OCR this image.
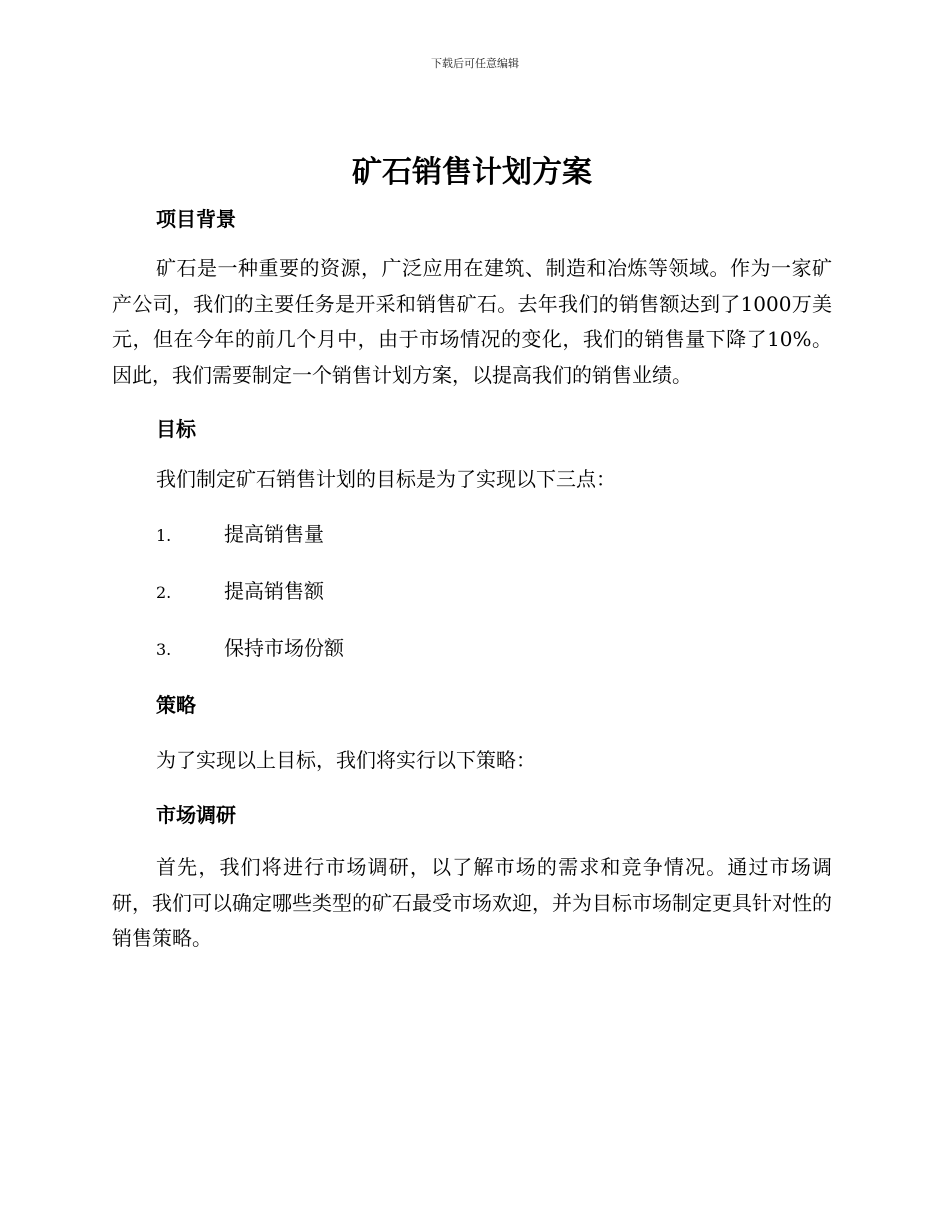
下载后可任意编辑
矿石销售计划方案
项目背景

矿石是一种重要的资源，广泛应用在建筑、制造和冶炼等领域。作为一家矿产公司，我们的主要任务是开采和销售矿石。去年我们的销售额达到了1000万美元，但在今年的前几个月中，由于市场情况的变化，我们的销售量下降了10%。因此，我们需要制定一个销售计划方案，以提高我们的销售业绩。

目标

我们制定矿石销售计划的目标是为了实现以下三点：

1.	提高销售量
2.	提高销售额
3.	保持市场份额
策略

为了实现以上目标，我们将实行以下策略：

市场调研

首先，我们将进行市场调研，以了解市场的需求和竞争情况。通过市场调研，我们可以确定哪些类型的矿石最受市场欢迎，并为目标市场制定更具针对性的销售策略。
